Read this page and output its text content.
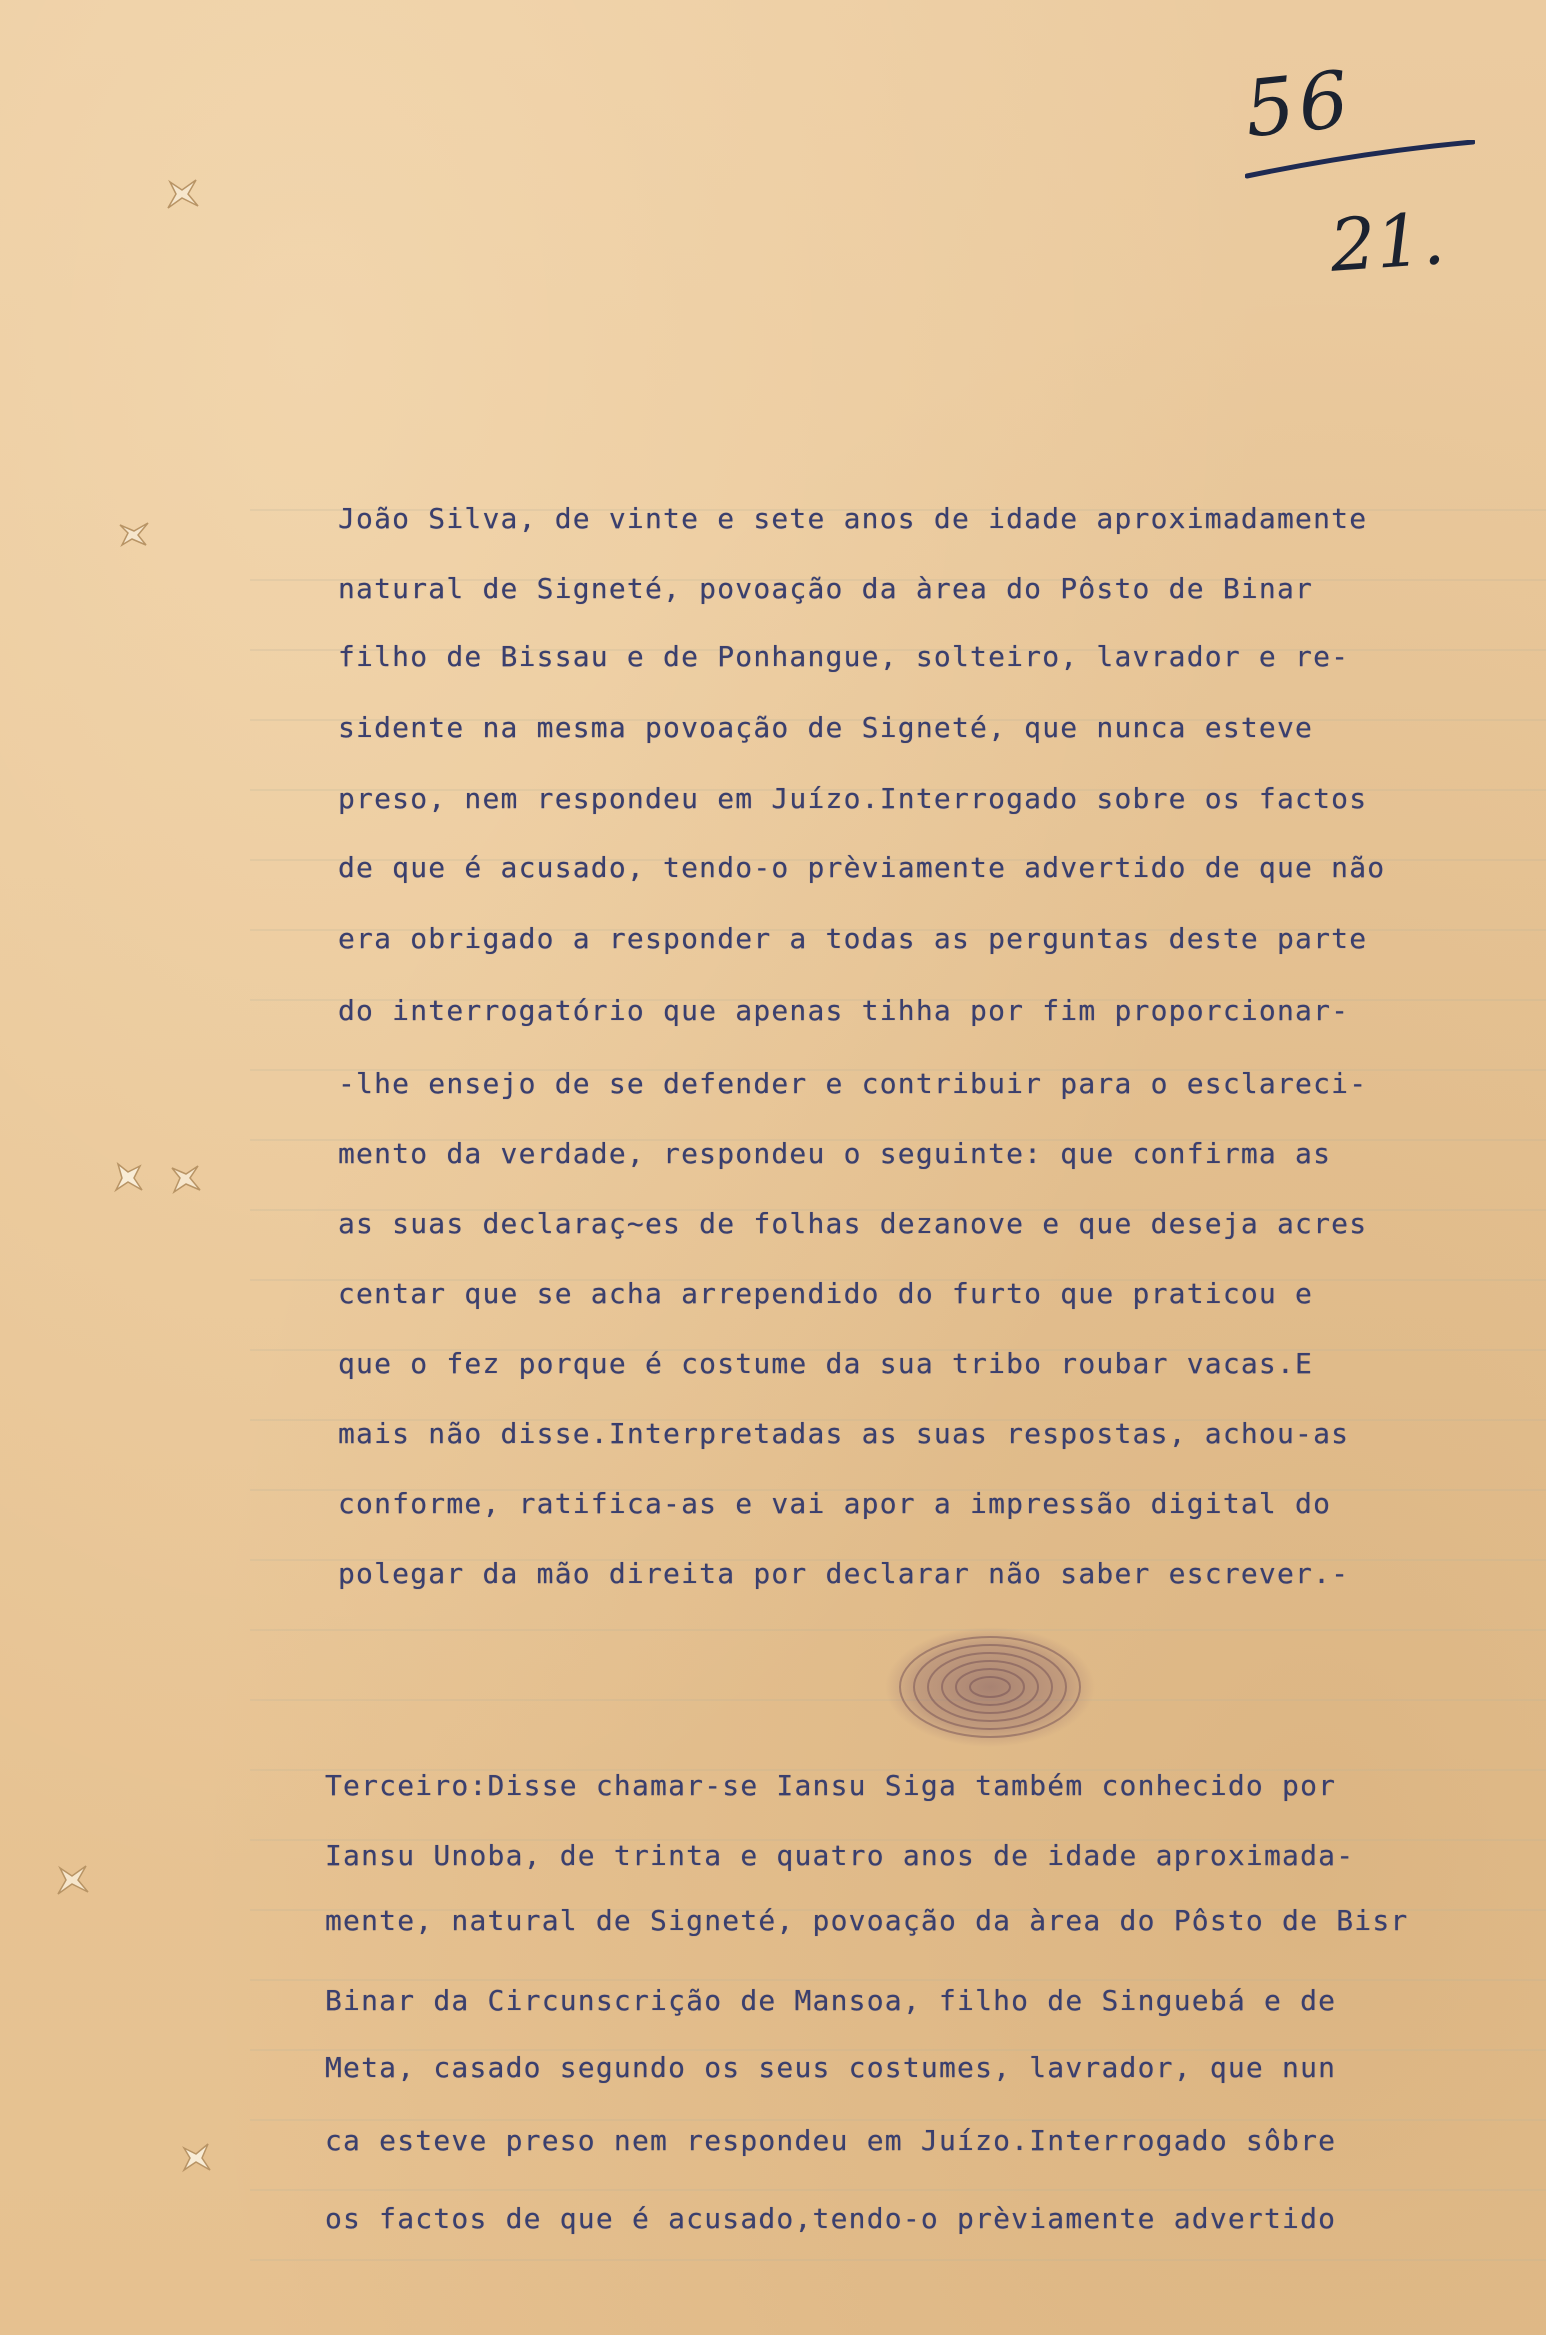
56
21.
João Silva, de vinte e sete anos de idade aproximadamente
natural de Signeté, povoação da àrea do Pôsto de Binar
filho de Bissau e de Ponhangue, solteiro, lavrador e re-
sidente na mesma povoação de Signeté, que nunca esteve
preso, nem respondeu em Juízo.Interrogado sobre os factos
de que é acusado, tendo-o prèviamente advertido de que não
era obrigado a responder a todas as perguntas deste parte
do interrogatório que apenas tihha por fim proporcionar-
-lhe ensejo de se defender e contribuir para o esclareci-
mento da verdade, respondeu o seguinte: que confirma as
as suas declaraç~es de folhas dezanove e que deseja acres
centar que se acha arrependido do furto que praticou e
que o fez porque é costume da sua tribo roubar vacas.E
mais não disse.Interpretadas as suas respostas, achou-as
conforme, ratifica-as e vai apor a impressão digital do
polegar da mão direita por declarar não saber escrever.-
Terceiro:Disse chamar-se Iansu Siga também conhecido por
Iansu Unoba, de trinta e quatro anos de idade aproximada-
mente, natural de Signeté, povoação da àrea do Pôsto de Bisr
Binar da Circunscrição de Mansoa, filho de Singuebá e de
Meta, casado segundo os seus costumes, lavrador, que nun
ca esteve preso nem respondeu em Juízo.Interrogado sôbre
os factos de que é acusado,tendo-o prèviamente advertido
